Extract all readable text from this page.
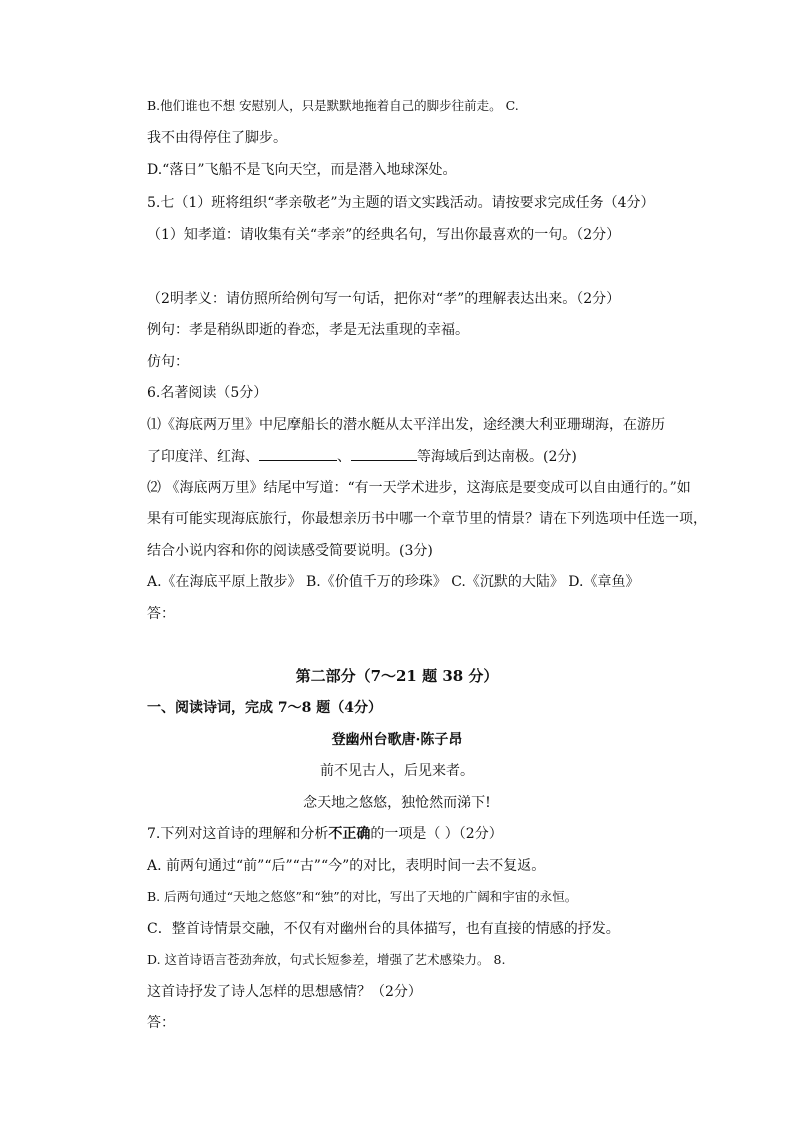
B.他们谁也不想 安慰别人，只是默默地拖着自己的脚步往前走。 C.
我不由得停住了脚步。
D.“落日”飞船不是飞向天空，而是潜入地球深处。
5.七（1）班将组织“孝亲敬老”为主题的语文实践活动。请按要求完成任务（4分）
（1）知孝道：请收集有关“孝亲”的经典名句，写出你最喜欢的一句。（2分）
（2明孝义：请仿照所给例句写一句话，把你对“孝”的理解表达出来。（2分）
例句：孝是稍纵即逝的眷恋，孝是无法重现的幸福。
仿句：
6.名著阅读（5分）
⑴《海底两万里》中尼摩船长的潜水艇从太平洋出发，途经澳大利亚珊瑚海，在游历
了印度洋、红海、	、	等海域后到达南极。(2分)
⑵ 《海底两万里》结尾中写道：“有一天学术进步，这海底是要变成可以自由通行的。”如
果有可能实现海底旅行，你最想亲历书中哪一个章节里的情景？请在下列选项中任选一项，
结合小说内容和你的阅读感受简要说明。(3分)
A.《在海底平原上散步》 B.《价值千万的珍珠》 C.《沉默的大陆》 D.《章鱼》
答：
第二部分（7～21 题 38 分）
一、阅读诗词，完成 7～8 题（4分）
登幽州台歌唐·陈子昂
前不见古人，后见来者。
念天地之悠悠，独怆然而涕下!
7.下列对这首诗的理解和分析不正确的一项是（ ）（2分）
A. 前两句通过“前”“后”“古”“今”的对比，表明时间一去不复返。
B. 后两句通过“天地之悠悠”和“独”的对比，写出了天地的广阔和宇宙的永恒。
C．整首诗情景交融，不仅有对幽州台的具体描写，也有直接的情感的抒发。
D. 这首诗语言苍劲奔放，句式长短参差，增强了艺术感染力。 8.
这首诗抒发了诗人怎样的思想感情？（2分）
答：
